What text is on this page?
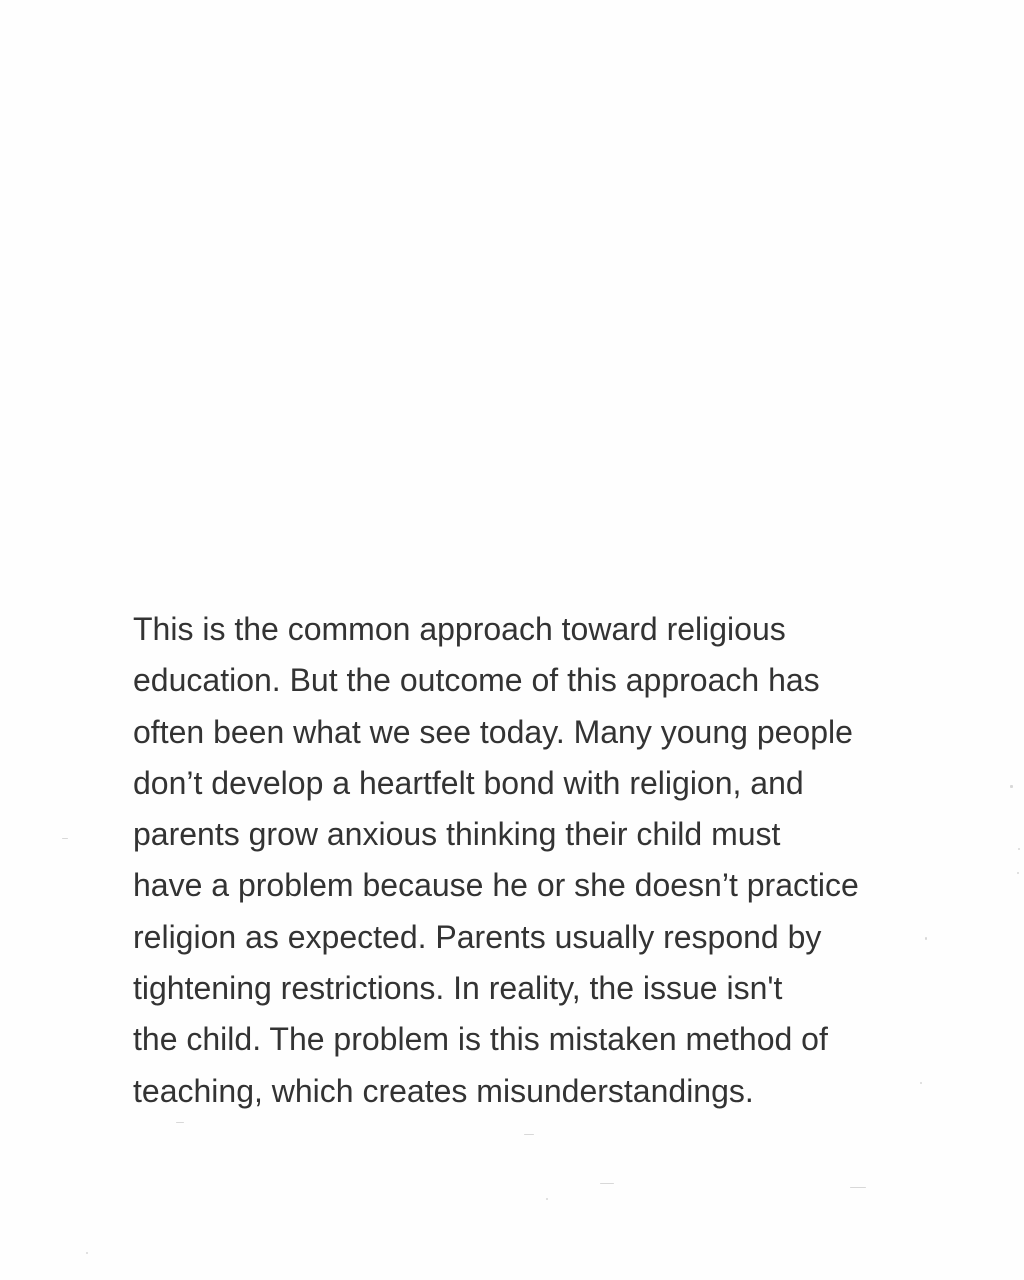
This is the common approach toward religious
education. But the outcome of this approach has
often been what we see today. Many young people
don’t develop a heartfelt bond with religion, and
parents grow anxious thinking their child must
have a problem because he or she doesn’t practice
religion as expected. Parents usually respond by
tightening restrictions. In reality, the issue isn't
the child. The problem is this mistaken method of
teaching, which creates misunderstandings.
